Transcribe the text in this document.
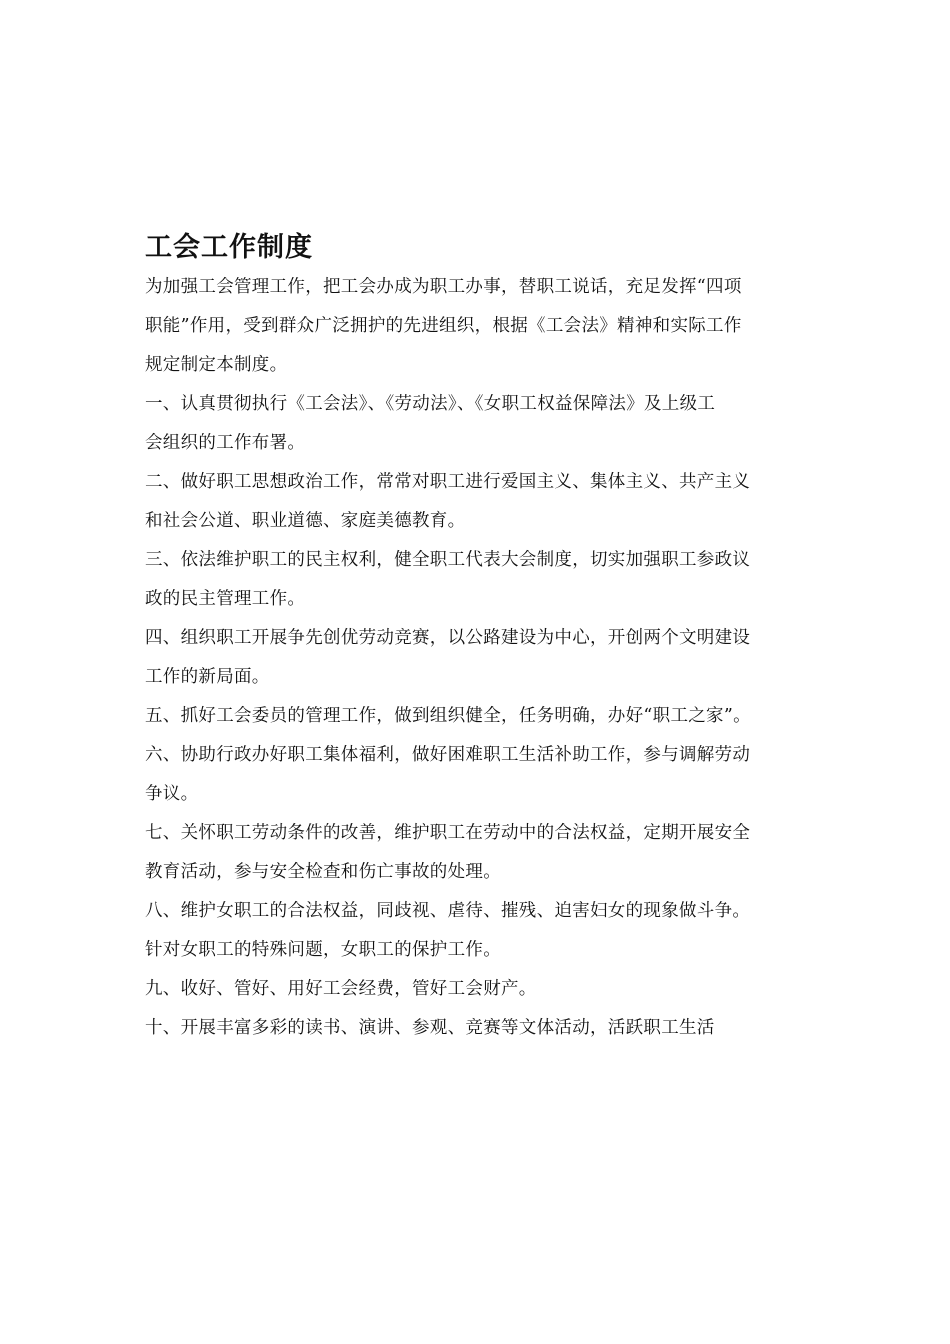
工会工作制度
为加强工会管理工作，把工会办成为职工办事，替职工说话，充足发挥“四项
职能”作用，受到群众广泛拥护的先进组织，根据《工会法》精神和实际工作
规定制定本制度。
一、认真贯彻执行《工会法》、《劳动法》、《女职工权益保障法》及上级工
会组织的工作布署。
二、做好职工思想政治工作，常常对职工进行爱国主义、集体主义、共产主义
和社会公道、职业道德、家庭美德教育。
三、依法维护职工的民主权利，健全职工代表大会制度，切实加强职工参政议
政的民主管理工作。
四、组织职工开展争先创优劳动竞赛，以公路建设为中心，开创两个文明建设
工作的新局面。
五、抓好工会委员的管理工作，做到组织健全，任务明确，办好“职工之家”。
六、协助行政办好职工集体福利，做好困难职工生活补助工作，参与调解劳动
争议。
七、关怀职工劳动条件的改善，维护职工在劳动中的合法权益，定期开展安全
教育活动，参与安全检查和伤亡事故的处理。
八、维护女职工的合法权益，同歧视、虐待、摧残、迫害妇女的现象做斗争。
针对女职工的特殊问题，女职工的保护工作。
九、收好、管好、用好工会经费，管好工会财产。
十、开展丰富多彩的读书、演讲、参观、竞赛等文体活动，活跃职工生活
